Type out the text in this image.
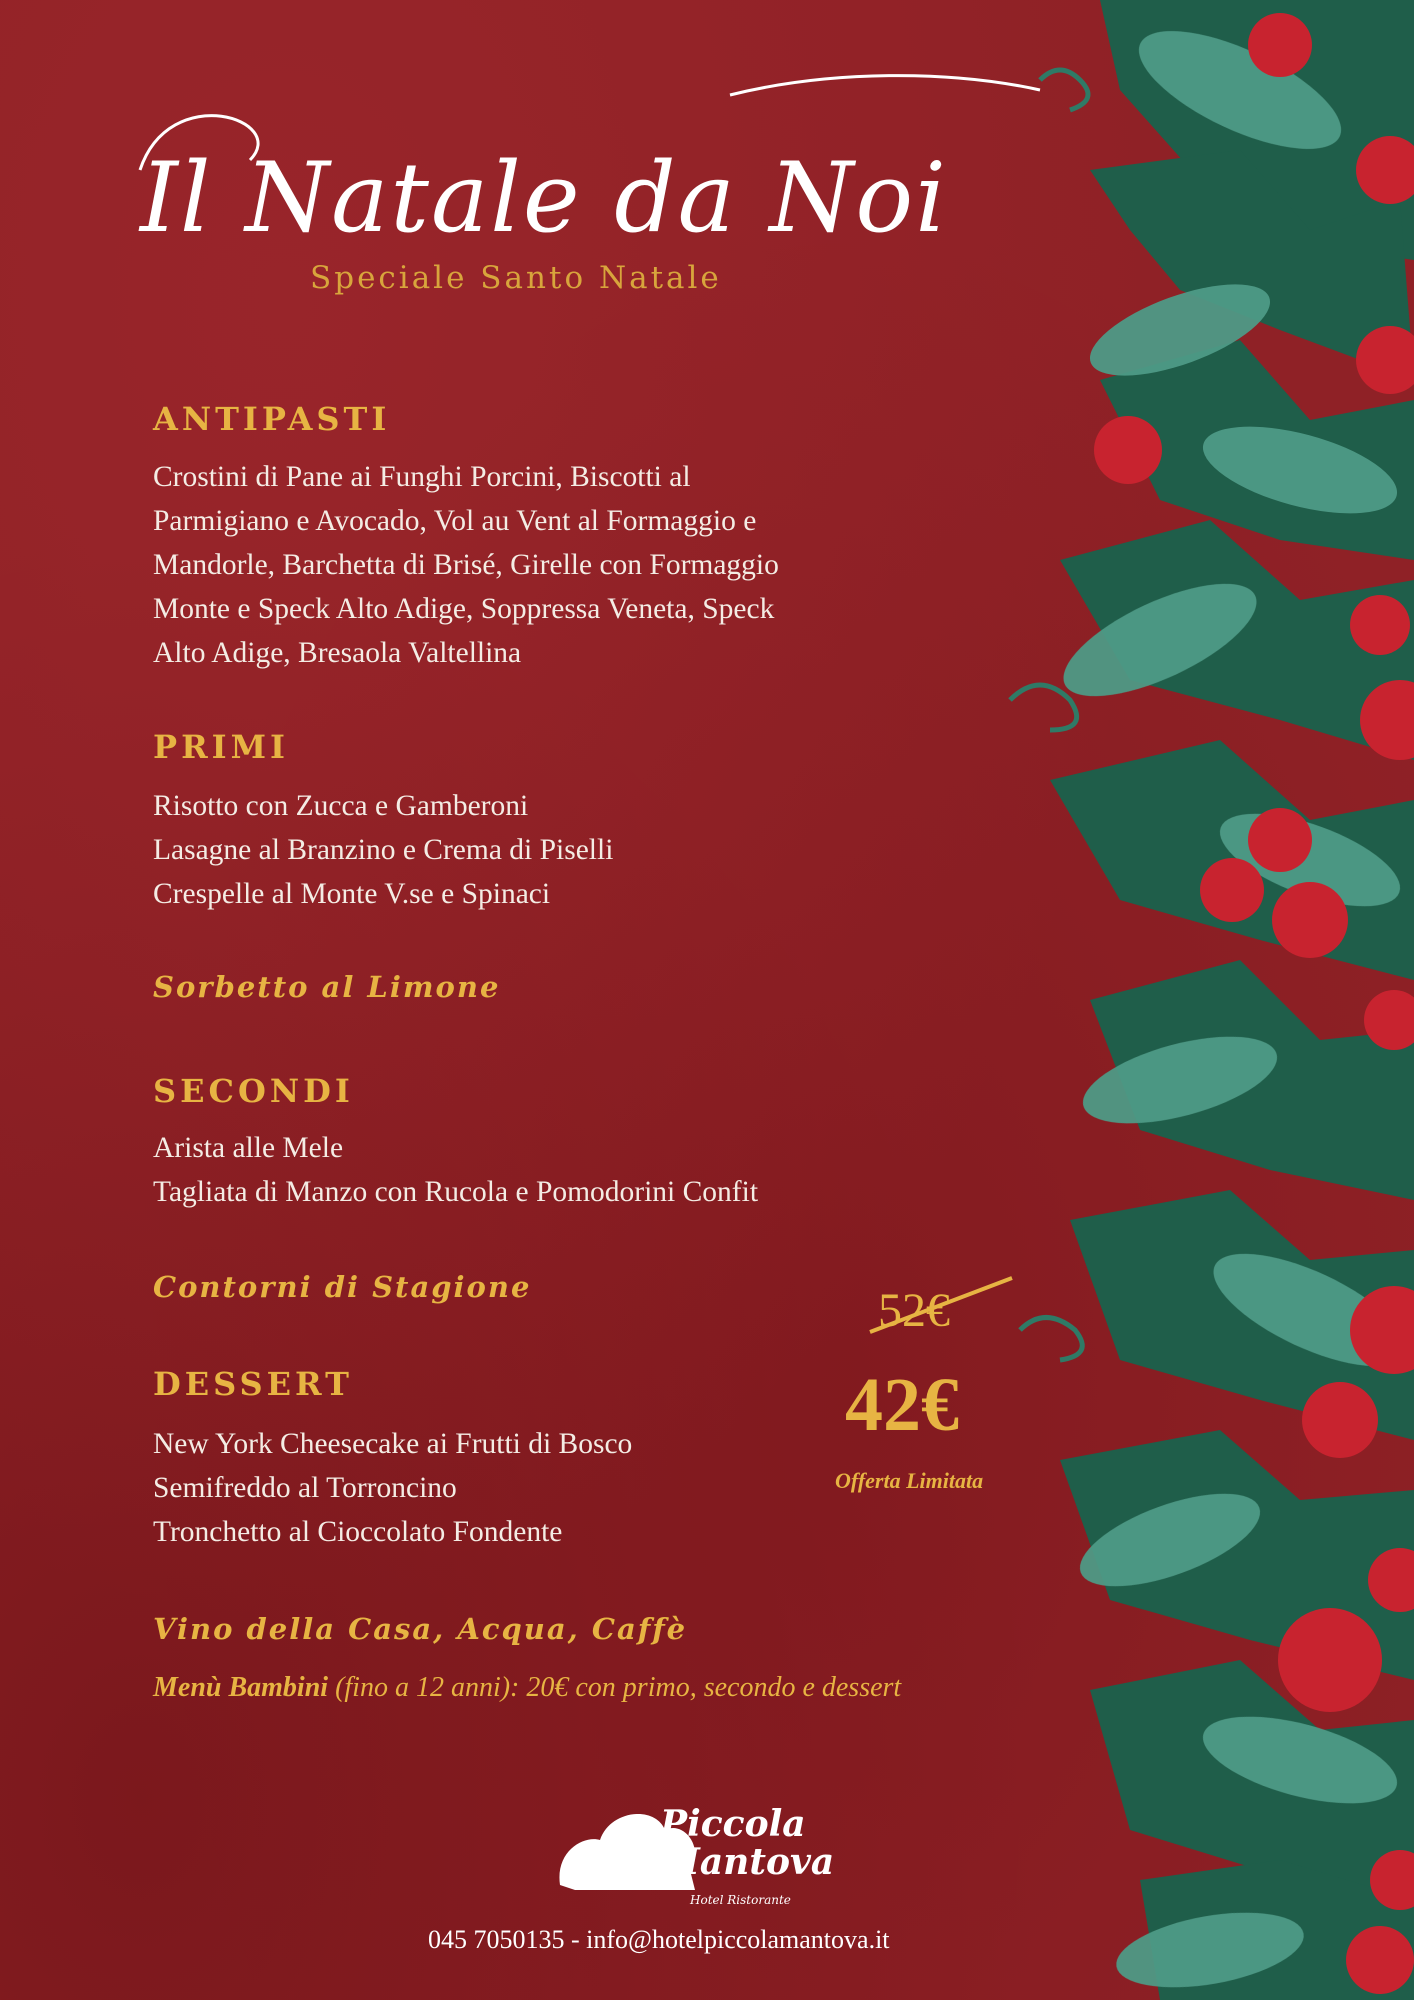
Il Natale da Noi
Speciale Santo Natale
ANTIPASTI
Crostini di Pane ai Funghi Porcini, Biscotti al
Parmigiano e Avocado, Vol au Vent al Formaggio e
Mandorle, Barchetta di Brisé, Girelle con Formaggio
Monte e Speck Alto Adige, Soppressa Veneta, Speck
Alto Adige, Bresaola Valtellina
PRIMI
Risotto con Zucca e Gamberoni
Lasagne al Branzino e Crema di Piselli
Crespelle al Monte V.se e Spinaci
Sorbetto al Limone
SECONDI
Arista alle Mele
Tagliata di Manzo con Rucola e Pomodorini Confit
Contorni di Stagione
DESSERT
New York Cheesecake ai Frutti di Bosco
Semifreddo al Torroncino
Tronchetto al Cioccolato Fondente
Vino della Casa, Acqua, Caffè
Menù Bambini (fino a 12 anni): 20€ con primo, secondo e dessert
52€
42€
Offerta Limitata
Piccola
Mantova
Hotel Ristorante
045 7050135 - info@hotelpiccolamantova.it
